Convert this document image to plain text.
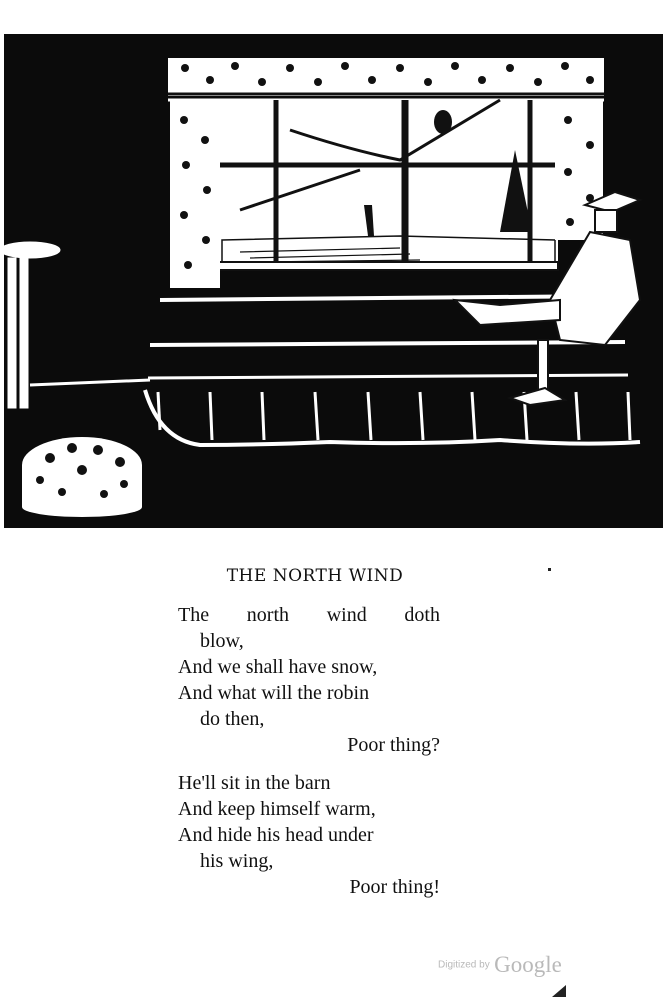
THE NORTH WIND
The north wind doth
blow,
And we shall have snow,
And what will the robin
do then,
Poor thing?
He'll sit in the barn
And keep himself warm,
And hide his head under
his wing,
Poor thing!
Digitized by Google
